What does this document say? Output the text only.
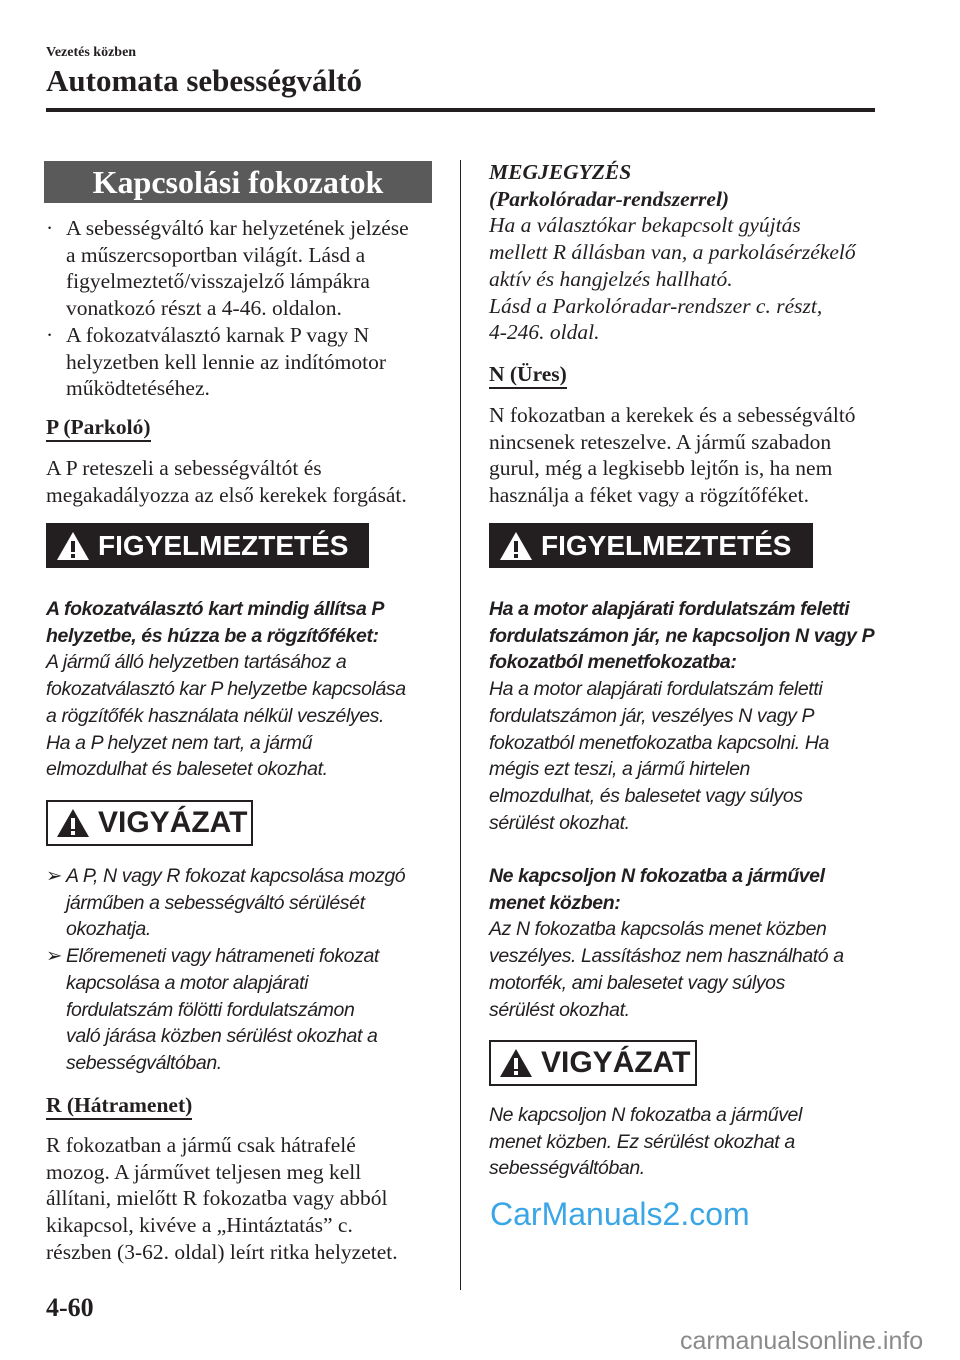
Vezetés közben
Automata sebességváltó
Kapcsolási fokozatok
· A sebességváltó kar helyzetének jelzése
a műszercsoportban világít. Lásd a
figyelmeztető/visszajelző lámpákra
vonatkozó részt a 4-46. oldalon.
· A fokozatválasztó karnak P vagy N
helyzetben kell lennie az indítómotor
működtetéséhez.
P (Parkoló)
A P reteszeli a sebességváltót és
megakadályozza az első kerekek forgását.
FIGYELMEZTETÉS
A fokozatválasztó kart mindig állítsa P
helyzetbe, és húzza be a rögzítőféket:
A jármű álló helyzetben tartásához a
fokozatválasztó kar P helyzetbe kapcsolása
a rögzítőfék használata nélkül veszélyes.
Ha a P helyzet nem tart, a jármű
elmozdulhat és balesetet okozhat.
VIGYÁZAT
➢ A P, N vagy R fokozat kapcsolása mozgó
járműben a sebességváltó sérülését
okozhatja.
➢ Előremeneti vagy hátrameneti fokozat
kapcsolása a motor alapjárati
fordulatszám fölötti fordulatszámon
való járása közben sérülést okozhat a
sebességváltóban.
R (Hátramenet)
R fokozatban a jármű csak hátrafelé
mozog. A járművet teljesen meg kell
állítani, mielőtt R fokozatba vagy abból
kikapcsol, kivéve a „Hintáztatás” c.
részben (3-62. oldal) leírt ritka helyzetet.
MEGJEGYZÉS
(Parkolóradar-rendszerrel)
Ha a választókar bekapcsolt gyújtás
mellett R állásban van, a parkolásérzékelő
aktív és hangjelzés hallható.
Lásd a Parkolóradar-rendszer c. részt,
4-246. oldal.
N (Üres)
N fokozatban a kerekek és a sebességváltó
nincsenek reteszelve. A jármű szabadon
gurul, még a legkisebb lejtőn is, ha nem
használja a féket vagy a rögzítőféket.
FIGYELMEZTETÉS
Ha a motor alapjárati fordulatszám feletti
fordulatszámon jár, ne kapcsoljon N vagy P
fokozatból menetfokozatba:
Ha a motor alapjárati fordulatszám feletti
fordulatszámon jár, veszélyes N vagy P
fokozatból menetfokozatba kapcsolni. Ha
mégis ezt teszi, a jármű hirtelen
elmozdulhat, és balesetet vagy súlyos
sérülést okozhat.

Ne kapcsoljon N fokozatba a járművel
menet közben:
Az N fokozatba kapcsolás menet közben
veszélyes. Lassításhoz nem használható a
motorfék, ami balesetet vagy súlyos
sérülést okozhat.
VIGYÁZAT
Ne kapcsoljon N fokozatba a járművel
menet közben. Ez sérülést okozhat a
sebességváltóban.
CarManuals2.com
4-60
carmanualsonline.info
